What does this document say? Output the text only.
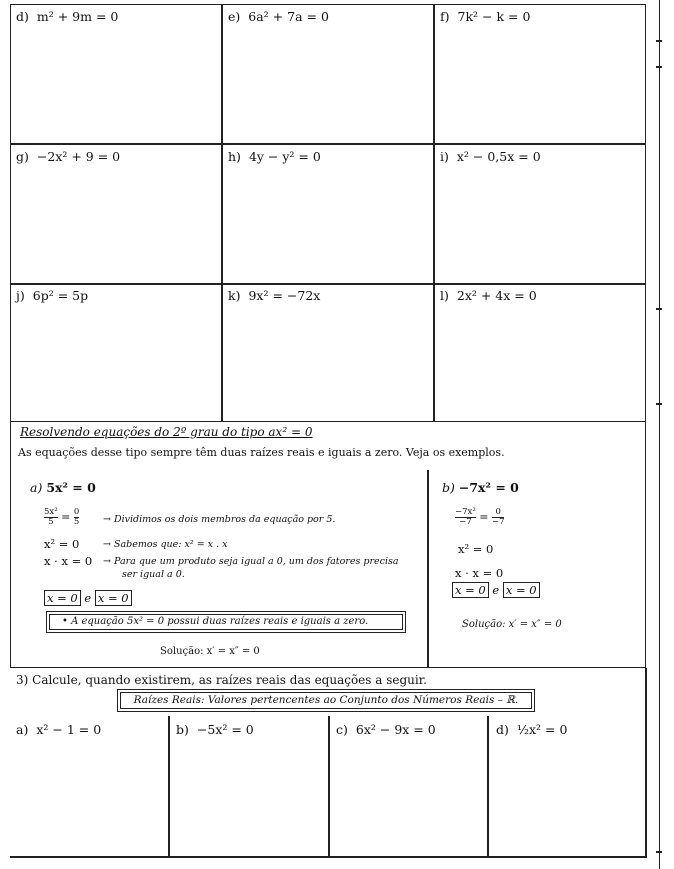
d) m² + 9m = 0	e) 6a² + 7a = 0	f) 7k² − k = 0
g) −2x² + 9 = 0	h) 4y − y² = 0	i) x² − 0,5x = 0
j) 6p² = 5p	k) 9x² = −72x	l) 2x² + 4x = 0
Resolvendo equações do 2º grau do tipo ax² = 0
As equações desse tipo sempre têm duas raízes reais e iguais a zero. Veja os exemplos.
a) 5x² = 0
$\frac{\text{5x²}}{5} = \frac{0}{5}$	→ Dividimos os dois membros da equação por 5.
x² = 0 → Sabemos que: x² = x . x
x · x = 0 → Para que um produto seja igual a 0, um dos fatores precisa
ser igual a 0.
x = 0 e x = 0
• A equação 5x² = 0 possui duas raízes reais e iguais a zero.
Solução: x′ = x″ = 0
b) −7x² = 0
$\frac{\text{−7x²}}{-7} = \frac{0}{-7}$
x² = 0
x · x = 0
x = 0 e x = 0
Solução: x′ = x″ = 0
3) Calcule, quando existirem, as raízes reais das equações a seguir.
Raízes Reais: Valores pertencentes ao Conjunto dos Números Reais – ℝ.
a) x² − 1 = 0	b) −5x² = 0	c) 6x² − 9x = 0	d) ½x² = 0
